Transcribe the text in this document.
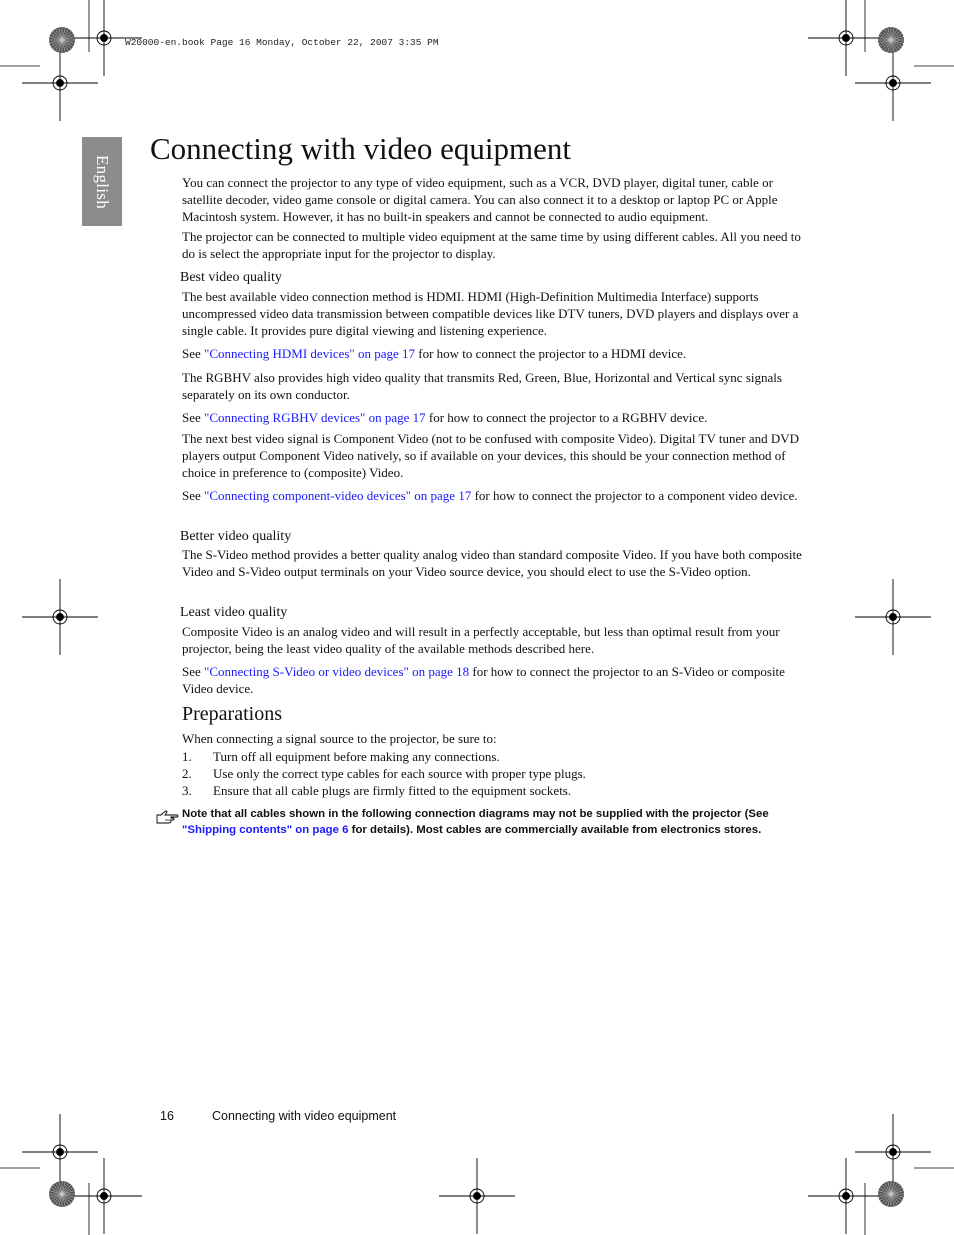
W20000-en.book Page 16 Monday, October 22, 2007 3:35 PM
English
Connecting with video equipment

You can connect the projector to any type of video equipment, such as a VCR, DVD player, digital tuner, cable or satellite decoder, video game console or digital camera. You can also connect it to a desktop or laptop PC or Apple Macintosh system. However, it has no built-in speakers and cannot be connected to audio equipment.

The projector can be connected to multiple video equipment at the same time by using different cables. All you need to do is select the appropriate input for the projector to display.

Best video quality

The best available video connection method is HDMI. HDMI (High-Definition Multimedia Interface) supports uncompressed video data transmission between compatible devices like DTV tuners, DVD players and displays over a single cable. It provides pure digital viewing and listening experience.

See "Connecting HDMI devices" on page 17 for how to connect the projector to a HDMI device.

The RGBHV also provides high video quality that transmits Red, Green, Blue, Horizontal and Vertical sync signals separately on its own conductor.

See "Connecting RGBHV devices" on page 17 for how to connect the projector to a RGBHV device.

The next best video signal is Component Video (not to be confused with composite Video). Digital TV tuner and DVD players output Component Video natively, so if available on your devices, this should be your connection method of choice in preference to (composite) Video.

See "Connecting component-video devices" on page 17 for how to connect the projector to a component video device.

Better video quality

The S-Video method provides a better quality analog video than standard composite Video. If you have both composite Video and S-Video output terminals on your Video source device, you should elect to use the S-Video option.

Least video quality

Composite Video is an analog video and will result in a perfectly acceptable, but less than optimal result from your projector, being the least video quality of the available methods described here.

See "Connecting S-Video or video devices" on page 18 for how to connect the projector to an S-Video or composite Video device.

Preparations

When connecting a signal source to the projector, be sure to:

1. Turn off all equipment before making any connections.
2. Use only the correct type cables for each source with proper type plugs.
3. Ensure that all cable plugs are firmly fitted to the equipment sockets.

Note that all cables shown in the following connection diagrams may not be supplied with the projector (See "Shipping contents" on page 6 for details). Most cables are commercially available from electronics stores.

16	Connecting with video equipment
